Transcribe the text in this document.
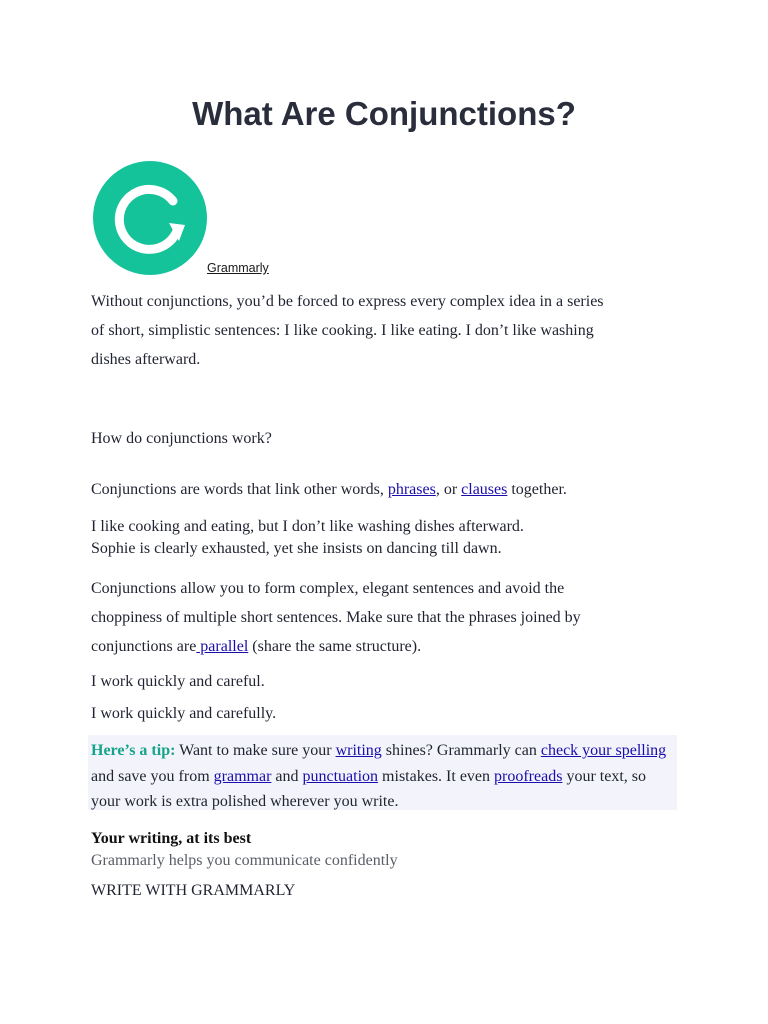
What Are Conjunctions?
Grammarly

Without conjunctions, you’d be forced to express every complex idea in a series
of short, simplistic sentences: I like cooking. I like eating. I don’t like washing
dishes afterward.

How do conjunctions work?

Conjunctions are words that link other words, phrases, or clauses together.

I like cooking and eating, but I don’t like washing dishes afterward.
Sophie is clearly exhausted, yet she insists on dancing till dawn.

Conjunctions allow you to form complex, elegant sentences and avoid the
choppiness of multiple short sentences. Make sure that the phrases joined by
conjunctions are parallel (share the same structure).

I work quickly and careful.

I work quickly and carefully.

Here’s a tip: Want to make sure your writing shines? Grammarly can check your spelling and save you from grammar and punctuation mistakes. It even proofreads your text, so your work is extra polished wherever you write.

Your writing, at its best

Grammarly helps you communicate confidently

WRITE WITH GRAMMARLY
